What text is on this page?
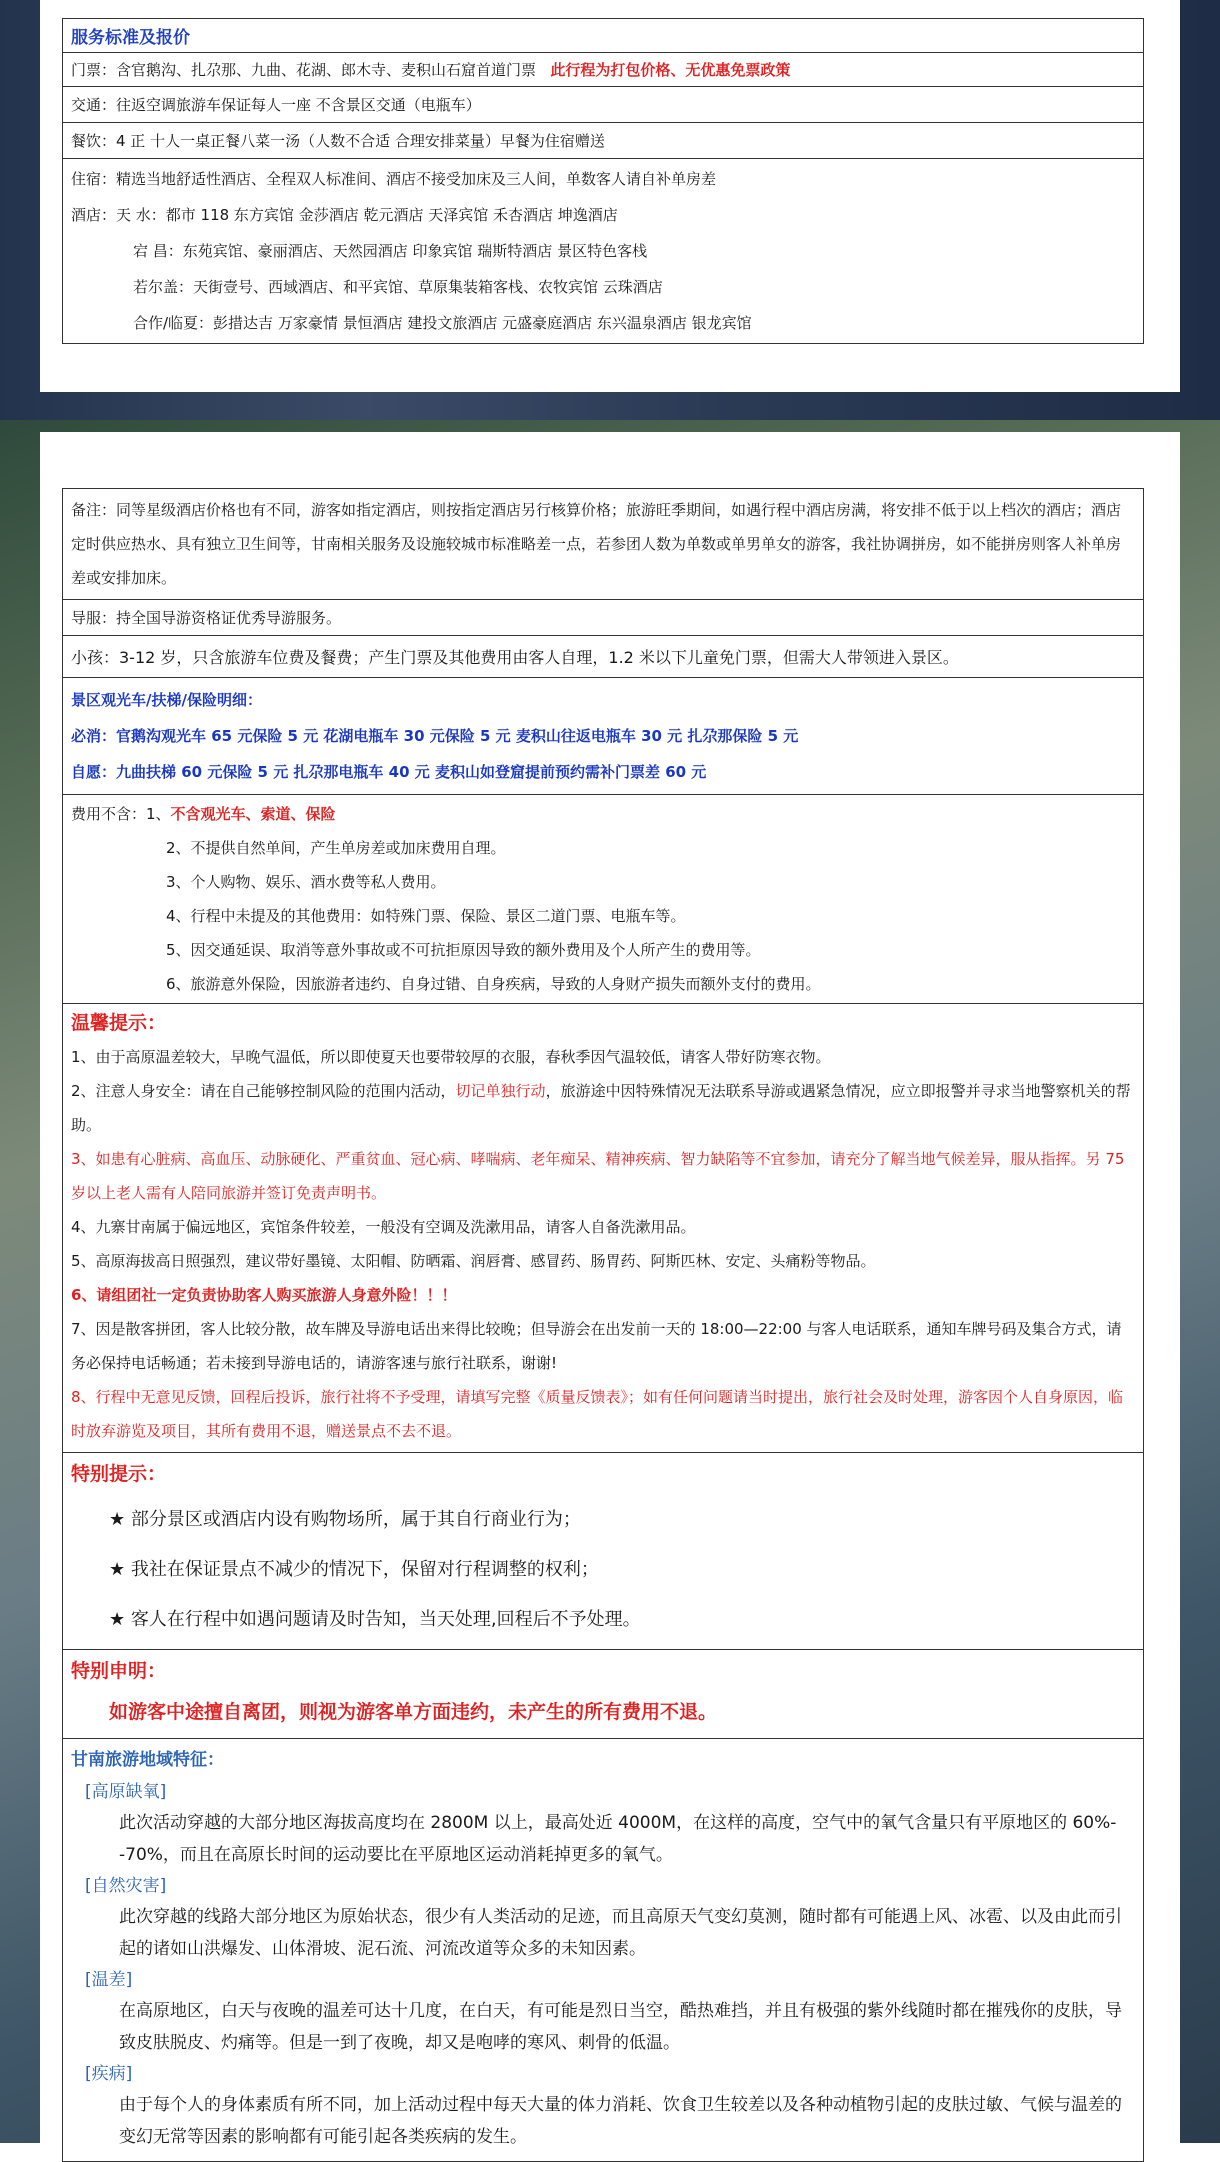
服务标准及报价
门票：含官鹅沟、扎尕那、九曲、花湖、郎木寺、麦积山石窟首道门票 此行程为打包价格、无优惠免票政策
交通：往返空调旅游车保证每人一座 不含景区交通（电瓶车）
餐饮：4 正 十人一桌正餐八菜一汤（人数不合适 合理安排菜量）早餐为住宿赠送

住宿：精选当地舒适性酒店、全程双人标准间、酒店不接受加床及三人间，单数客人请自补单房差
酒店：天 水：都市 118 东方宾馆 金莎酒店 乾元酒店 天泽宾馆 禾杏酒店 坤逸酒店
宕 昌：东苑宾馆、豪丽酒店、天然园酒店 印象宾馆 瑞斯特酒店 景区特色客栈
若尔盖：天街壹号、西域酒店、和平宾馆、草原集装箱客栈、农牧宾馆 云珠酒店
合作/临夏：彭措达吉 万家豪情 景恒酒店 建投文旅酒店 元盛豪庭酒店 东兴温泉酒店 银龙宾馆
备注：同等星级酒店价格也有不同，游客如指定酒店，则按指定酒店另行核算价格；旅游旺季期间，如遇行程中酒店房满，将安排不低于以上档次的酒店；酒店定时供应热水、具有独立卫生间等，甘南相关服务及设施较城市标准略差一点，若参团人数为单数或单男单女的游客，我社协调拼房，如不能拼房则客人补单房差或安排加床。

导服：持全国导游资格证优秀导游服务。
小孩：3-12 岁，只含旅游车位费及餐费；产生门票及其他费用由客人自理，1.2 米以下儿童免门票，但需大人带领进入景区。

景区观光车/扶梯/保险明细：
必消：官鹅沟观光车 65 元保险 5 元 花湖电瓶车 30 元保险 5 元 麦积山往返电瓶车 30 元 扎尕那保险 5 元
自愿：九曲扶梯 60 元保险 5 元 扎尕那电瓶车 40 元 麦积山如登窟提前预约需补门票差 60 元

费用不含：1、不含观光车、索道、保险
2、不提供自然单间，产生单房差或加床费用自理。
3、个人购物、娱乐、酒水费等私人费用。
4、行程中未提及的其他费用：如特殊门票、保险、景区二道门票、电瓶车等。
5、因交通延误、取消等意外事故或不可抗拒原因导致的额外费用及个人所产生的费用等。
6、旅游意外保险，因旅游者违约、自身过错、自身疾病，导致的人身财产损失而额外支付的费用。

温馨提示：
1、由于高原温差较大，早晚气温低，所以即使夏天也要带较厚的衣服，春秋季因气温较低，请客人带好防寒衣物。
2、注意人身安全：请在自己能够控制风险的范围内活动，切记单独行动，旅游途中因特殊情况无法联系导游或遇紧急情况，应立即报警并寻求当地警察机关的帮助。
3、如患有心脏病、高血压、动脉硬化、严重贫血、冠心病、哮喘病、老年痴呆、精神疾病、智力缺陷等不宜参加，请充分了解当地气候差异，服从指挥。另 75 岁以上老人需有人陪同旅游并签订免责声明书。
4、九寨甘南属于偏远地区，宾馆条件较差，一般没有空调及洗漱用品，请客人自备洗漱用品。
5、高原海拔高日照强烈，建议带好墨镜、太阳帽、防晒霜、润唇膏、感冒药、肠胃药、阿斯匹林、安定、头痛粉等物品。
6、请组团社一定负责协助客人购买旅游人身意外险！！！
7、因是散客拼团，客人比较分散，故车牌及导游电话出来得比较晚；但导游会在出发前一天的 18:00—22:00 与客人电话联系，通知车牌号码及集合方式，请务必保持电话畅通；若未接到导游电话的，请游客速与旅行社联系，谢谢!
8、行程中无意见反馈，回程后投诉，旅行社将不予受理，请填写完整《质量反馈表》；如有任何问题请当时提出，旅行社会及时处理，游客因个人自身原因，临时放弃游览及项目，其所有费用不退，赠送景点不去不退。

特别提示：
★ 部分景区或酒店内设有购物场所，属于其自行商业行为；
★ 我社在保证景点不减少的情况下，保留对行程调整的权利；
★ 客人在行程中如遇问题请及时告知，当天处理,回程后不予处理。

特别申明：
如游客中途擅自离团，则视为游客单方面违约，未产生的所有费用不退。

甘南旅游地域特征：
[高原缺氧]
此次活动穿越的大部分地区海拔高度均在 2800M 以上，最高处近 4000M，在这样的高度，空气中的氧气含量只有平原地区的 60%--70%，而且在高原长时间的运动要比在平原地区运动消耗掉更多的氧气。
[自然灾害]
此次穿越的线路大部分地区为原始状态，很少有人类活动的足迹，而且高原天气变幻莫测，随时都有可能遇上风、冰雹、以及由此而引起的诸如山洪爆发、山体滑坡、泥石流、河流改道等众多的未知因素。
[温差]
在高原地区，白天与夜晚的温差可达十几度，在白天，有可能是烈日当空，酷热难挡，并且有极强的紫外线随时都在摧残你的皮肤，导致皮肤脱皮、灼痛等。但是一到了夜晚，却又是咆哮的寒风、刺骨的低温。
[疾病]
由于每个人的身体素质有所不同，加上活动过程中每天大量的体力消耗、饮食卫生较差以及各种动植物引起的皮肤过敏、气候与温差的变幻无常等因素的影响都有可能引起各类疾病的发生。
